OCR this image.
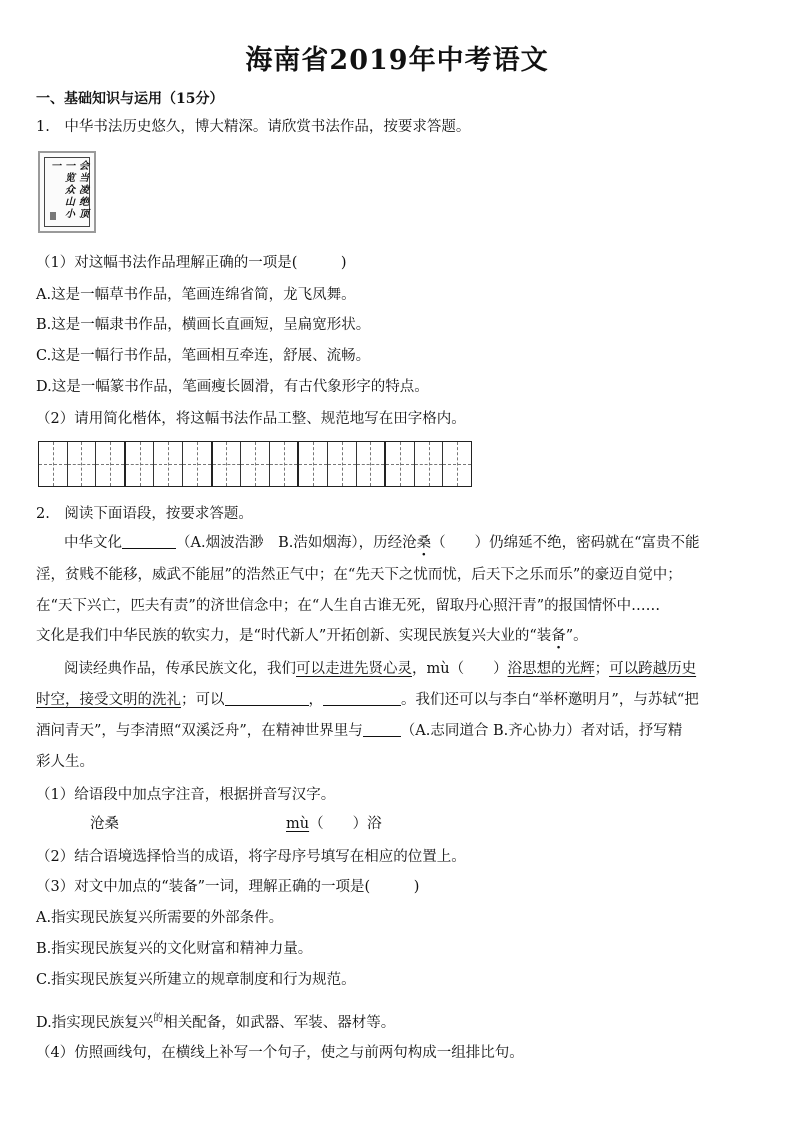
海南省2019年中考语文
一、基础知识与运用（15分）
1.　中华书法历史悠久，博大精深。请欣赏书法作品，按要求答题。
会当凌绝顶
一览众山小
一
（1）对这幅书法作品理解正确的一项是(　　　)
A.这是一幅草书作品，笔画连绵省简，龙飞凤舞。
B.这是一幅隶书作品，横画长直画短，呈扁宽形状。
C.这是一幅行书作品，笔画相互牵连，舒展、流畅。
D.这是一幅篆书作品，笔画瘦长圆滑，有古代象形字的特点。
（2）请用简化楷体，将这幅书法作品工整、规范地写在田字格内。
2.　阅读下面语段，按要求答题。
中华文化	（A.烟波浩渺　B.浩如烟海），历经沧桑（　　）仍绵延不绝，密码就在“富贵不能
淫，贫贱不能移，威武不能屈”的浩然正气中；在“先天下之忧而忧，后天下之乐而乐”的豪迈自觉中；
在“天下兴亡，匹夫有责”的济世信念中；在“人生自古谁无死，留取丹心照汗青”的报国情怀中……
文化是我们中华民族的软实力，是“时代新人”开拓创新、实现民族复兴大业的“装备”。
阅读经典作品，传承民族文化，我们可以走进先贤心灵，mù（　　）浴思想的光辉；可以跨越历史
时空，接受文明的洗礼；可以	，	。我们还可以与李白“举杯邀明月”，与苏轼“把
酒问青天”，与李清照“双溪泛舟”，在精神世界里与	（A.志同道合 B.齐心协力）者对话，抒写精
彩人生。
（1）给语段中加点字注音，根据拼音写汉字。
沧桑	mù（　　）浴
（2）结合语境选择恰当的成语，将字母序号填写在相应的位置上。
（3）对文中加点的“装备”一词，理解正确的一项是(　　　)
A.指实现民族复兴所需要的外部条件。
B.指实现民族复兴的文化财富和精神力量。
C.指实现民族复兴所建立的规章制度和行为规范。
D.指实现民族复兴$^的$相关配备，如武器、军装、器材等。
（4）仿照画线句，在横线上补写一个句子，使之与前两句构成一组排比句。
